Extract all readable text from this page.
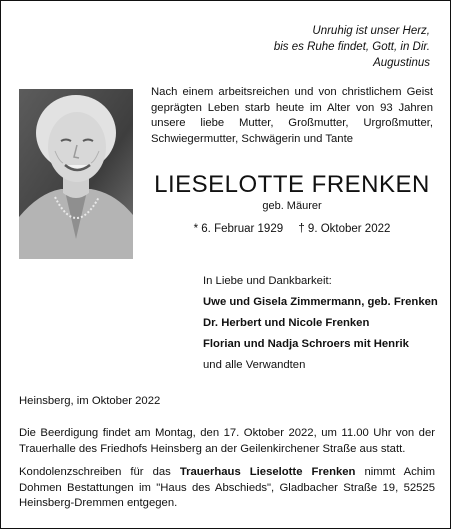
Unruhig ist unser Herz,
bis es Ruhe findet, Gott, in Dir.
Augustinus
Nach einem arbeitsreichen und von christlichem Geist
geprägten Leben starb heute im Alter von 93 Jahren
unsere liebe Mutter, Großmutter, Urgroßmutter,
Schwiegermutter, Schwägerin und Tante
LIESELOTTE FRENKEN
geb. Mäurer
* 6. Februar 1929 † 9. Oktober 2022
In Liebe und Dankbarkeit:
Uwe und Gisela Zimmermann, geb. Frenken
Dr. Herbert und Nicole Frenken
Florian und Nadja Schroers mit Henrik
und alle Verwandten
Heinsberg, im Oktober 2022
Die Beerdigung findet am Montag, den 17. Oktober 2022, um 11.00 Uhr von der
Trauerhalle des Friedhofs Heinsberg an der Geilenkirchener Straße aus statt.
Kondolenzschreiben für das Trauerhaus Lieselotte Frenken nimmt Achim
Dohmen Bestattungen im "Haus des Abschieds", Gladbacher Straße 19, 52525
Heinsberg-Dremmen entgegen.
